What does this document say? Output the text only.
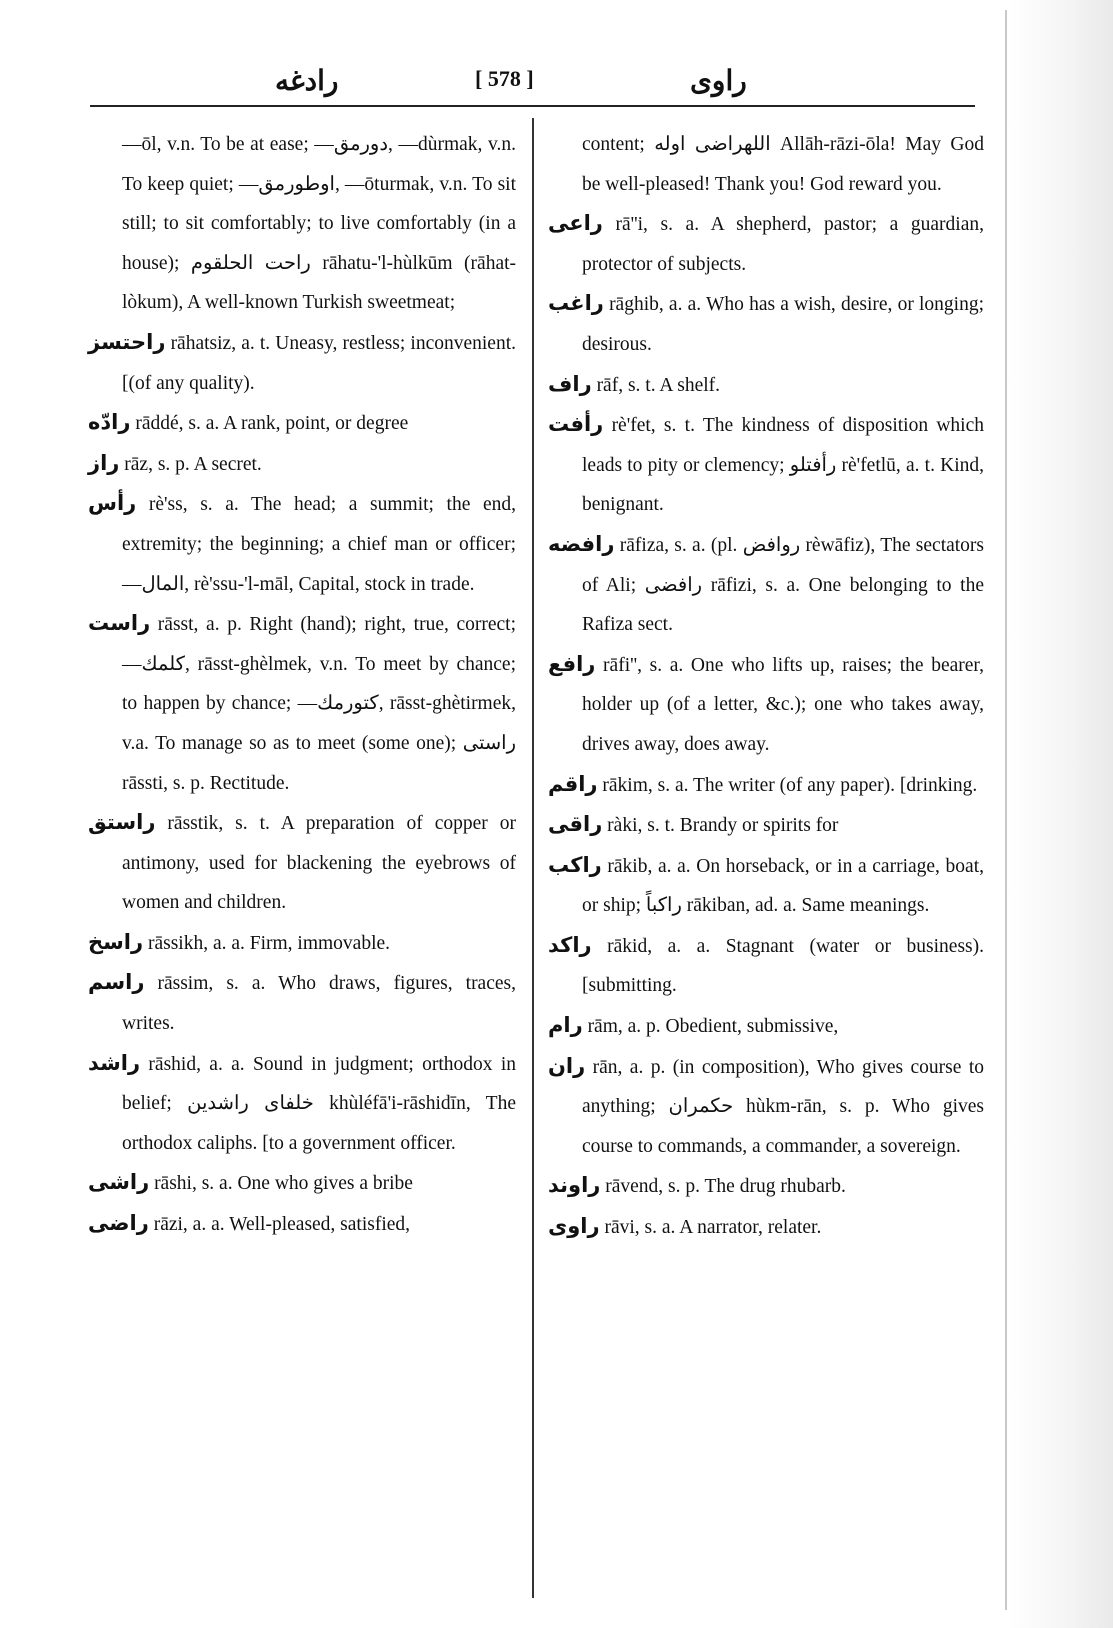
رادغه	[ 578 ]	راوى

—ōl, v.n. To be at ease; —دورمق, —dùrmak, v.n. To keep quiet; —اوطورمق, —ōturmak, v.n. To sit still; to sit comfortably; to live comfortably (in a house); راحت الحلقوم rāhatu-'l-hùlkūm (rāhat-lòkum), A well-known Turkish sweetmeat;

راحتسز rāhatsiz, a. t. Uneasy, restless; inconvenient. [(of any quality).

رادّه rāddé, s. a. A rank, point, or degree

راز rāz, s. p. A secret.

رأس rè'ss, s. a. The head; a summit; the end, extremity; the beginning; a chief man or officer; —المال, rè'ssu-'l-māl, Capital, stock in trade.

راست rāsst, a. p. Right (hand); right, true, correct; —كلمك, rāsst-ghèlmek, v.n. To meet by chance; to happen by chance; —كتورمك, rāsst-ghètirmek, v.a. To manage so as to meet (some one); راستى rāssti, s. p. Rectitude.

راستق rāsstik, s. t. A preparation of copper or antimony, used for blackening the eyebrows of women and children.

راسخ rāssikh, a. a. Firm, immovable.

راسم rāssim, s. a. Who draws, figures, traces, writes.

راشد rāshid, a. a. Sound in judgment; orthodox in belief; خلفاى راشدين khùléfā'i-rāshidīn, The orthodox caliphs. [to a government officer.

راشى rāshi, s. a. One who gives a bribe

راضى rāzi, a. a. Well-pleased, satisfied,

content; اللهراضى اوله Allāh-rāzi-ōla! May God be well-pleased! Thank you! God reward you.

راعى rā''i, s. a. A shepherd, pastor; a guardian, protector of subjects.

راغب rāghib, a. a. Who has a wish, desire, or longing; desirous.

راف rāf, s. t. A shelf.

رأفت rè'fet, s. t. The kindness of disposition which leads to pity or clemency; رأفتلو rè'fetlū, a. t. Kind, benignant.

رافضه rāfiza, s. a. (pl. روافض rèwāfiz), The sectators of Ali; رافضى rāfizi, s. a. One belonging to the Rafiza sect.

رافع rāfi'', s. a. One who lifts up, raises; the bearer, holder up (of a letter, &c.); one who takes away, drives away, does away.

راقم rākim, s. a. The writer (of any paper). [drinking.

راقى ràki, s. t. Brandy or spirits for

راكب rākib, a. a. On horseback, or in a carriage, boat, or ship; راكباً rākiban, ad. a. Same meanings.

راكد rākid, a. a. Stagnant (water or business). [submitting.

رام rām, a. p. Obedient, submissive,

ران rān, a. p. (in composition), Who gives course to anything; حكمران hùkm-rān, s. p. Who gives course to commands, a commander, a sovereign.

راوند rāvend, s. p. The drug rhubarb.

راوى rāvi, s. a. A narrator, relater.
